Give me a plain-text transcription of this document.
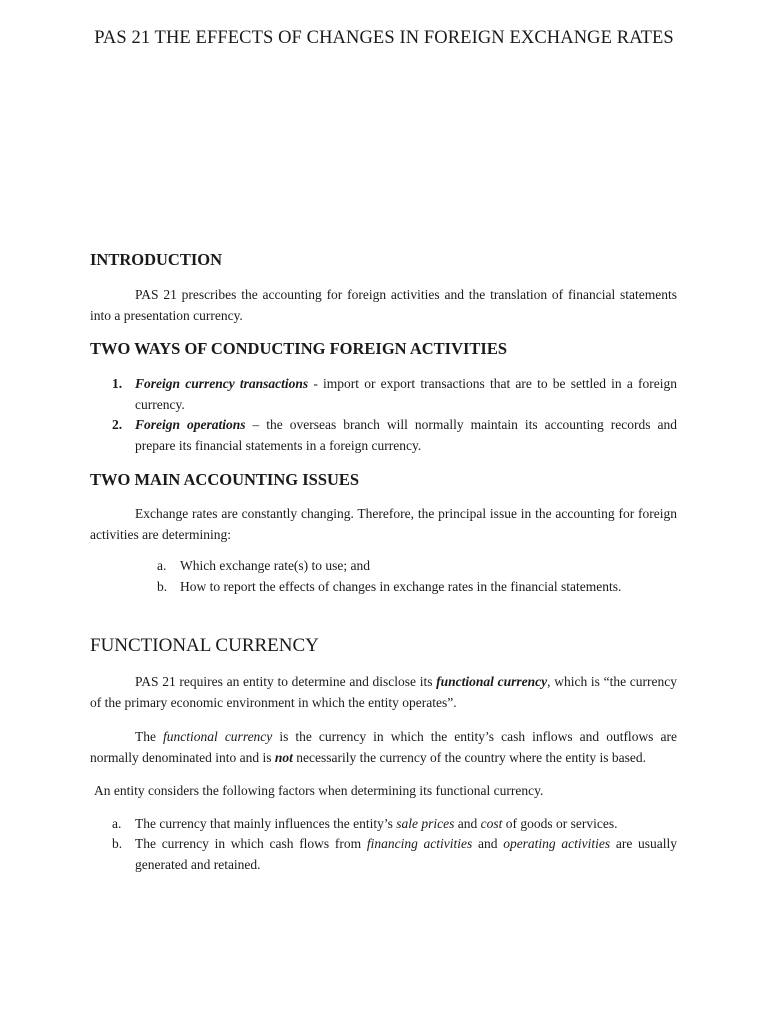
PAS 21 THE EFFECTS OF CHANGES IN FOREIGN EXCHANGE RATES
INTRODUCTION

PAS 21 prescribes the accounting for foreign activities and the translation of financial statements into a presentation currency.

TWO WAYS OF CONDUCTING FOREIGN ACTIVITIES
1. Foreign currency transactions - import or export transactions that are to be settled in a foreign currency.
2. Foreign operations – the overseas branch will normally maintain its accounting records and prepare its financial statements in a foreign currency.
TWO MAIN ACCOUNTING ISSUES

Exchange rates are constantly changing. Therefore, the principal issue in the accounting for foreign activities are determining:

a. Which exchange rate(s) to use; and
b. How to report the effects of changes in exchange rates in the financial statements.
FUNCTIONAL CURRENCY

PAS 21 requires an entity to determine and disclose its functional currency, which is “the currency of the primary economic environment in which the entity operates”.

The functional currency is the currency in which the entity’s cash inflows and outflows are normally denominated into and is not necessarily the currency of the country where the entity is based.

An entity considers the following factors when determining its functional currency.

a. The currency that mainly influences the entity’s sale prices and cost of goods or services.
b. The currency in which cash flows from financing activities and operating activities are usually generated and retained.
